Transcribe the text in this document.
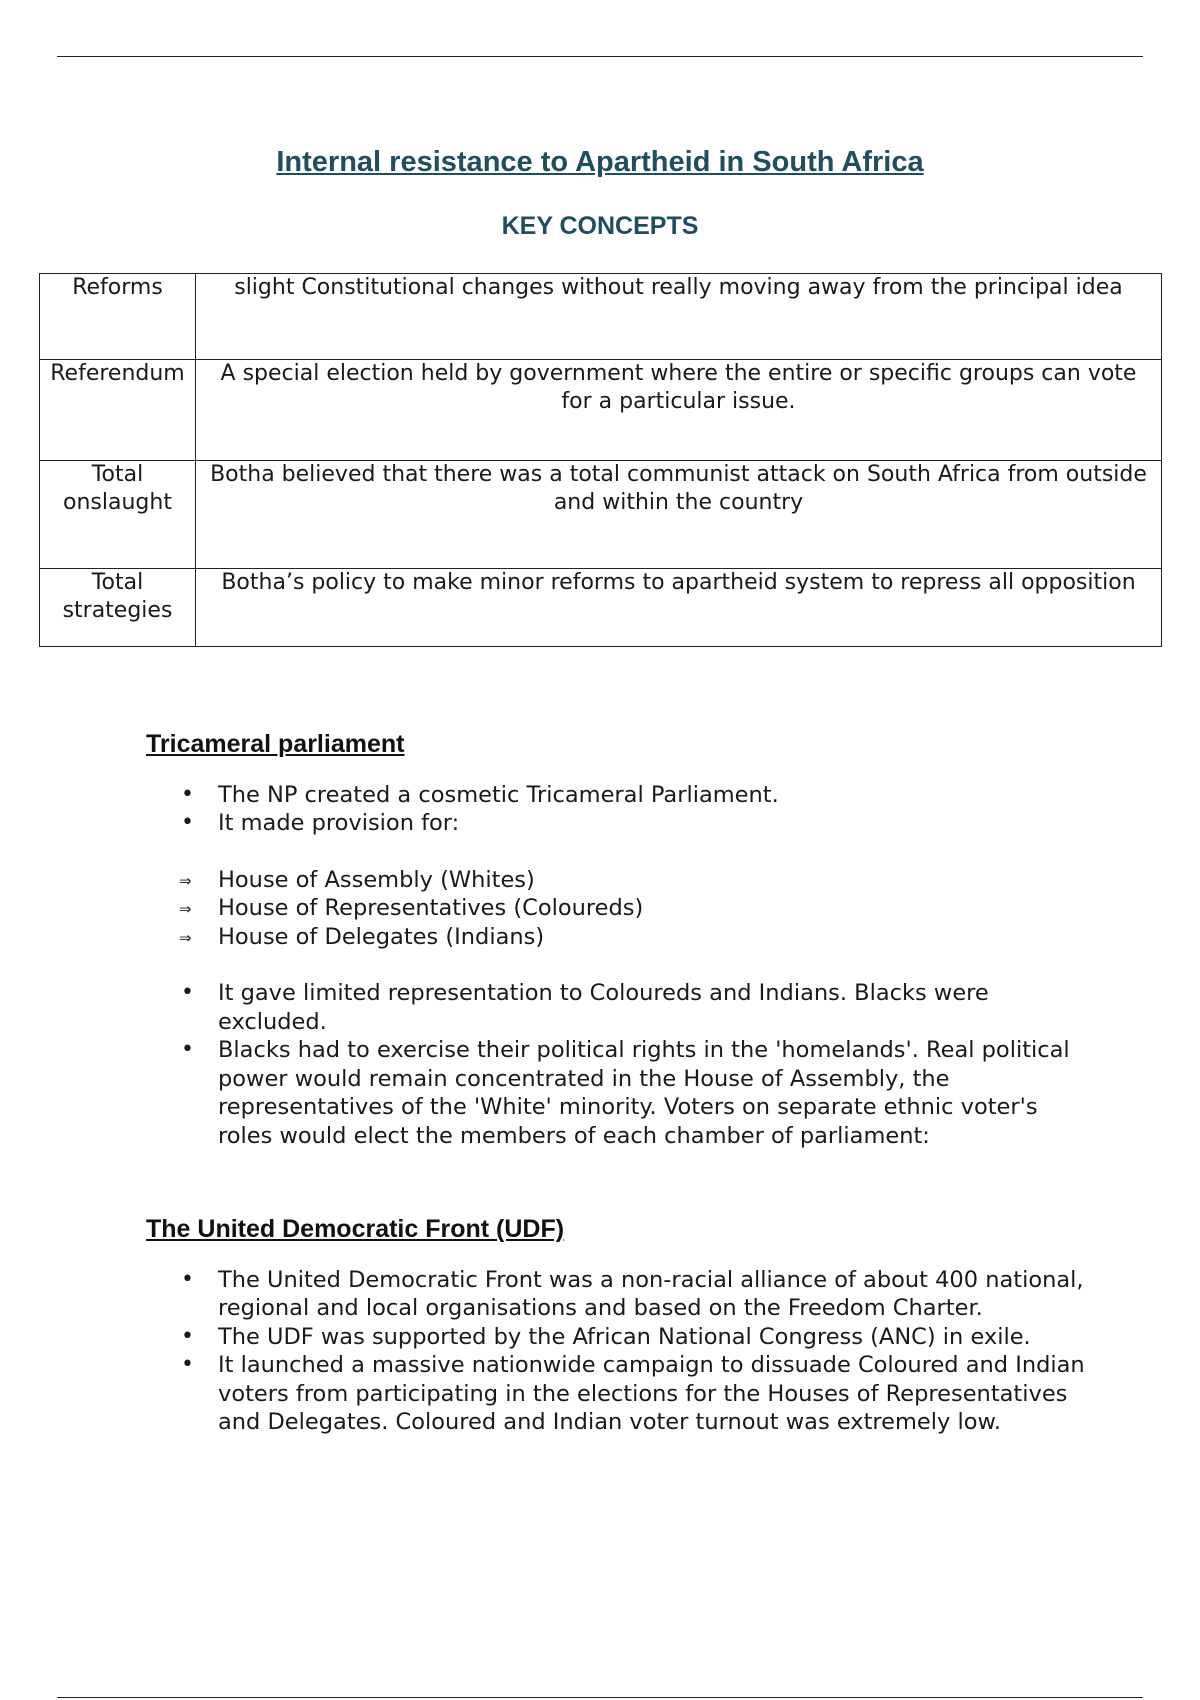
Internal resistance to Apartheid in South Africa
KEY CONCEPTS
Reforms	slight Constitutional changes without really moving away from the principal idea
Referendum	A special election held by government where the entire or specific groups can vote for a particular issue.
Total onslaught	Botha believed that there was a total communist attack on South Africa from outside and within the country
Total strategies	Botha’s policy to make minor reforms to apartheid system to repress all opposition
Tricameral parliament
• The NP created a cosmetic Tricameral Parliament.
• It made provision for:
⇒ House of Assembly (Whites)
⇒ House of Representatives (Coloureds)
⇒ House of Delegates (Indians)
• It gave limited representation to Coloureds and Indians. Blacks were excluded.
• Blacks had to exercise their political rights in the 'homelands'. Real political power would remain concentrated in the House of Assembly, the representatives of the 'White' minority. Voters on separate ethnic voter's roles would elect the members of each chamber of parliament:
The United Democratic Front (UDF)
• The United Democratic Front was a non-racial alliance of about 400 national, regional and local organisations and based on the Freedom Charter.
• The UDF was supported by the African National Congress (ANC) in exile.
• It launched a massive nationwide campaign to dissuade Coloured and Indian voters from participating in the elections for the Houses of Representatives and Delegates. Coloured and Indian voter turnout was extremely low.
